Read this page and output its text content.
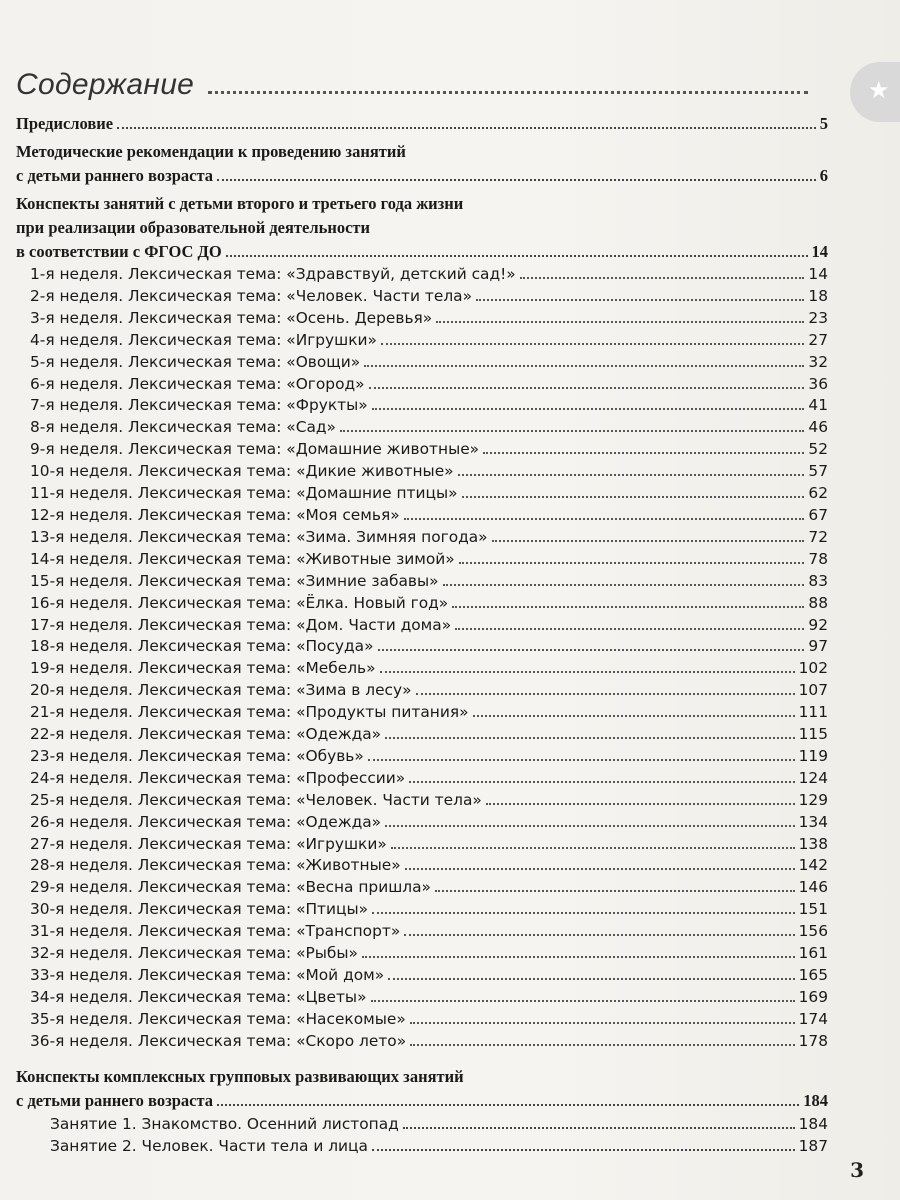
★
Содержание
Предисловие	5
Методические рекомендации к проведению занятий
с детьми раннего возраста	6
Конспекты занятий с детьми второго и третьего года жизни
при реализации образовательной деятельности
в соответствии с ФГОС ДО	14
1-я неделя. Лексическая тема: «Здравствуй, детский сад!»	14
2-я неделя. Лексическая тема: «Человек. Части тела»	18
3-я неделя. Лексическая тема: «Осень. Деревья»	23
4-я неделя. Лексическая тема: «Игрушки»	27
5-я неделя. Лексическая тема: «Овощи»	32
6-я неделя. Лексическая тема: «Огород»	36
7-я неделя. Лексическая тема: «Фрукты»	41
8-я неделя. Лексическая тема: «Сад»	46
9-я неделя. Лексическая тема: «Домашние животные»	52
10-я неделя. Лексическая тема: «Дикие животные»	57
11-я неделя. Лексическая тема: «Домашние птицы»	62
12-я неделя. Лексическая тема: «Моя семья»	67
13-я неделя. Лексическая тема: «Зима. Зимняя погода»	72
14-я неделя. Лексическая тема: «Животные зимой»	78
15-я неделя. Лексическая тема: «Зимние забавы»	83
16-я неделя. Лексическая тема: «Ёлка. Новый год»	88
17-я неделя. Лексическая тема: «Дом. Части дома»	92
18-я неделя. Лексическая тема: «Посуда»	97
19-я неделя. Лексическая тема: «Мебель»	102
20-я неделя. Лексическая тема: «Зима в лесу»	107
21-я неделя. Лексическая тема: «Продукты питания»	111
22-я неделя. Лексическая тема: «Одежда»	115
23-я неделя. Лексическая тема: «Обувь»	119
24-я неделя. Лексическая тема: «Профессии»	124
25-я неделя. Лексическая тема: «Человек. Части тела»	129
26-я неделя. Лексическая тема: «Одежда»	134
27-я неделя. Лексическая тема: «Игрушки»	138
28-я неделя. Лексическая тема: «Животные»	142
29-я неделя. Лексическая тема: «Весна пришла»	146
30-я неделя. Лексическая тема: «Птицы»	151
31-я неделя. Лексическая тема: «Транспорт»	156
32-я неделя. Лексическая тема: «Рыбы»	161
33-я неделя. Лексическая тема: «Мой дом»	165
34-я неделя. Лексическая тема: «Цветы»	169
35-я неделя. Лексическая тема: «Насекомые»	174
36-я неделя. Лексическая тема: «Скоро лето»	178
Конспекты комплексных групповых развивающих занятий
с детьми раннего возраста	184
Занятие 1. Знакомство. Осенний листопад	184
Занятие 2. Человек. Части тела и лица	187
3
